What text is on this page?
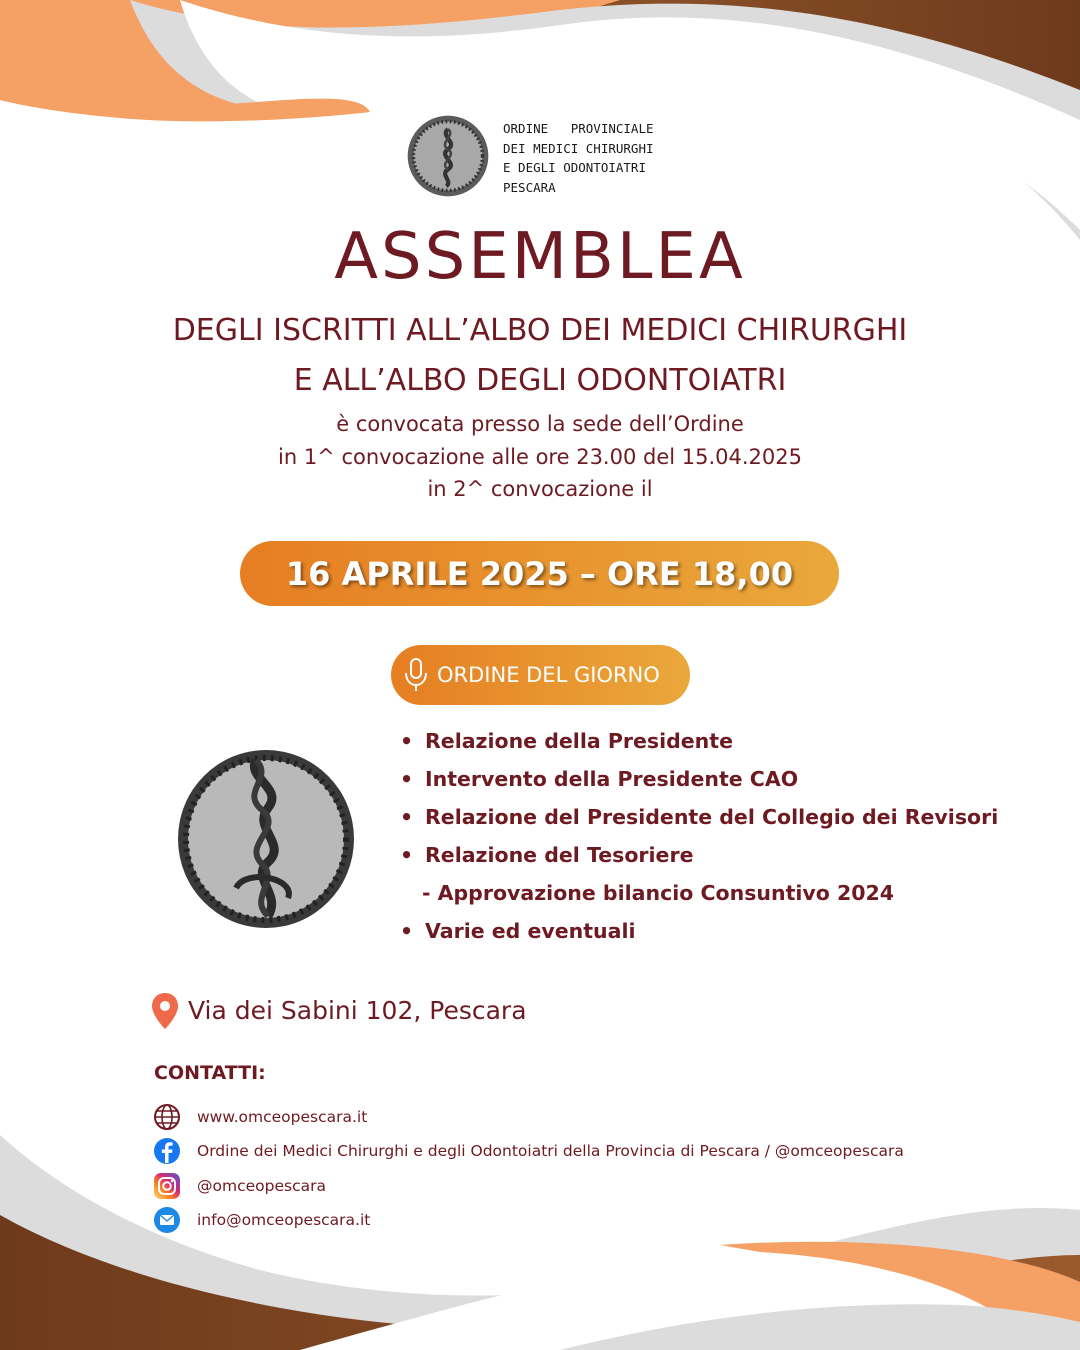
ORDINE   PROVINCIALE
DEI MEDICI CHIRURGHI
E DEGLI ODONTOIATRI
PESCARA
ASSEMBLEA
DEGLI ISCRITTI ALL’ALBO DEI MEDICI CHIRURGHI
E ALL’ALBO DEGLI ODONTOIATRI
è convocata presso la sede dell’Ordine
in 1^ convocazione alle ore 23.00 del 15.04.2025
in 2^ convocazione il
16 APRILE 2025 – ORE 18,00
ORDINE DEL GIORNO
• Relazione della Presidente
• Intervento della Presidente CAO
• Relazione del Presidente del Collegio dei Revisori
• Relazione del Tesoriere
- Approvazione bilancio Consuntivo 2024
• Varie ed eventuali
Via dei Sabini 102, Pescara
CONTATTI:
www.omceopescara.it
Ordine dei Medici Chirurghi e degli Odontoiatri della Provincia di Pescara / @omceopescara
@omceopescara
info@omceopescara.it
